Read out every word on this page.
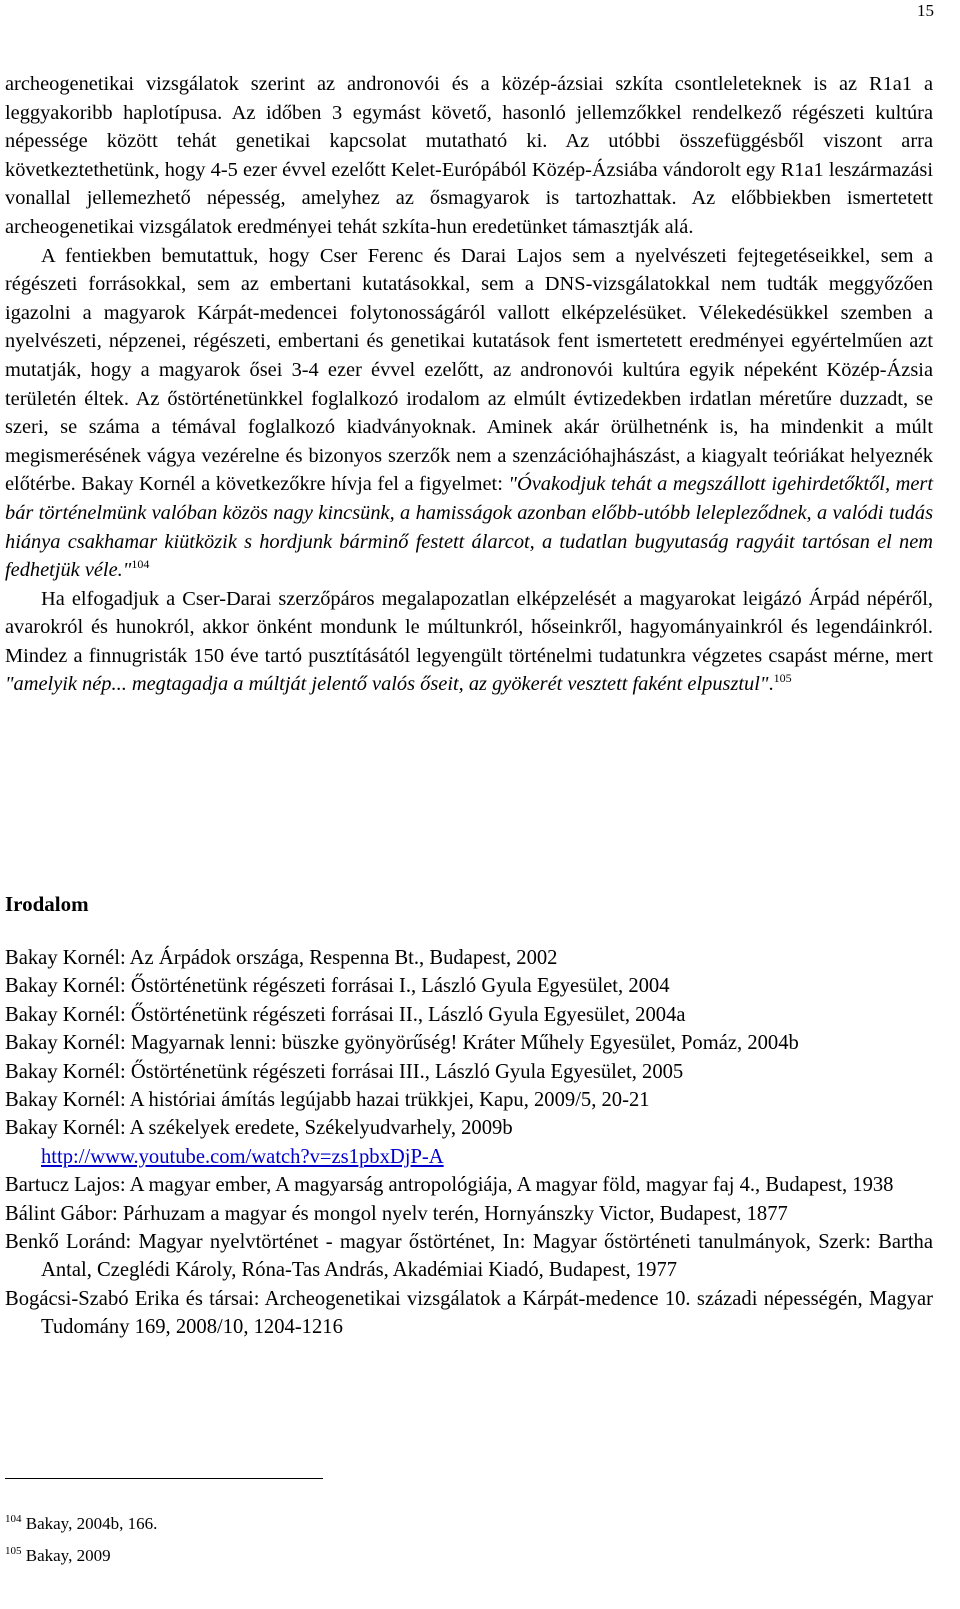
15

archeogenetikai vizsgálatok szerint az andronovói és a közép-ázsiai szkíta csontleleteknek is az R1a1 a leggyakoribb haplotípusa. Az időben 3 egymást követő, hasonló jellemzőkkel rendelkező régészeti kultúra népessége között tehát genetikai kapcsolat mutatható ki. Az utóbbi összefüggésből viszont arra következtethetünk, hogy 4-5 ezer évvel ezelőtt Kelet-Európából Közép-Ázsiába vándorolt egy R1a1 leszármazási vonallal jellemezhető népesség, amelyhez az ősmagyarok is tartozhattak. Az előbbiekben ismertetett archeogenetikai vizsgálatok eredményei tehát szkíta-hun eredetünket támasztják alá.

A fentiekben bemutattuk, hogy Cser Ferenc és Darai Lajos sem a nyelvészeti fejtegetéseikkel, sem a régészeti forrásokkal, sem az embertani kutatásokkal, sem a DNS-vizsgálatokkal nem tudták meggyőzően igazolni a magyarok Kárpát-medencei folytonosságáról vallott elképzelésüket. Vélekedésükkel szemben a nyelvészeti, népzenei, régészeti, embertani és genetikai kutatások fent ismertetett eredményei egyértelműen azt mutatják, hogy a magyarok ősei 3-4 ezer évvel ezelőtt, az andronovói kultúra egyik népeként Közép-Ázsia területén éltek. Az őstörténetünkkel foglalkozó irodalom az elmúlt évtizedekben irdatlan méretűre duzzadt, se szeri, se száma a témával foglalkozó kiadványoknak. Aminek akár örülhetnénk is, ha mindenkit a múlt megismerésének vágya vezérelne és bizonyos szerzők nem a szenzációhajhászást, a kiagyalt teóriákat helyeznék előtérbe. Bakay Kornél a következőkre hívja fel a figyelmet: "Óvakodjuk tehát a megszállott igehirdetőktől, mert bár történelmünk valóban közös nagy kincsünk, a hamisságok azonban előbb-utóbb lelepleződnek, a valódi tudás hiánya csakhamar kiütközik s hordjunk bárminő festett álarcot, a tudatlan bugyutaság ragyáit tartósan el nem fedhetjük véle."$^{104}$

Ha elfogadjuk a Cser-Darai szerzőpáros megalapozatlan elképzelését a magyarokat leigázó Árpád népéről, avarokról és hunokról, akkor önként mondunk le múltunkról, hőseinkről, hagyományainkról és legendáinkról. Mindez a finnugristák 150 éve tartó pusztításától legyengült történelmi tudatunkra végzetes csapást mérne, mert "amelyik nép... megtagadja a múltját jelentő valós őseit, az gyökerét vesztett faként elpusztul".$^{105}$

Irodalom
Bakay Kornél: Az Árpádok országa, Respenna Bt., Budapest, 2002
Bakay Kornél: Őstörténetünk régészeti forrásai I., László Gyula Egyesület, 2004
Bakay Kornél: Őstörténetünk régészeti forrásai II., László Gyula Egyesület, 2004a
Bakay Kornél: Magyarnak lenni: büszke gyönyörűség! Kráter Műhely Egyesület, Pomáz, 2004b
Bakay Kornél: Őstörténetünk régészeti forrásai III., László Gyula Egyesület, 2005
Bakay Kornél: A históriai ámítás legújabb hazai trükkjei, Kapu, 2009/5, 20-21
Bakay Kornél: A székelyek eredete, Székelyudvarhely, 2009b
http://www.youtube.com/watch?v=zs1pbxDjP-A
Bartucz Lajos: A magyar ember, A magyarság antropológiája, A magyar föld, magyar faj 4., Budapest, 1938
Bálint Gábor: Párhuzam a magyar és mongol nyelv terén, Hornyánszky Victor, Budapest, 1877
Benkő Loránd: Magyar nyelvtörténet - magyar őstörténet, In: Magyar őstörténeti tanulmányok, Szerk: Bartha Antal, Czeglédi Károly, Róna-Tas András, Akadémiai Kiadó, Budapest, 1977
Bogácsi-Szabó Erika és társai: Archeogenetikai vizsgálatok a Kárpát-medence 10. századi népességén, Magyar Tudomány 169, 2008/10, 1204-1216
$^{104}$ Bakay, 2004b, 166.
$^{105}$ Bakay, 2009
